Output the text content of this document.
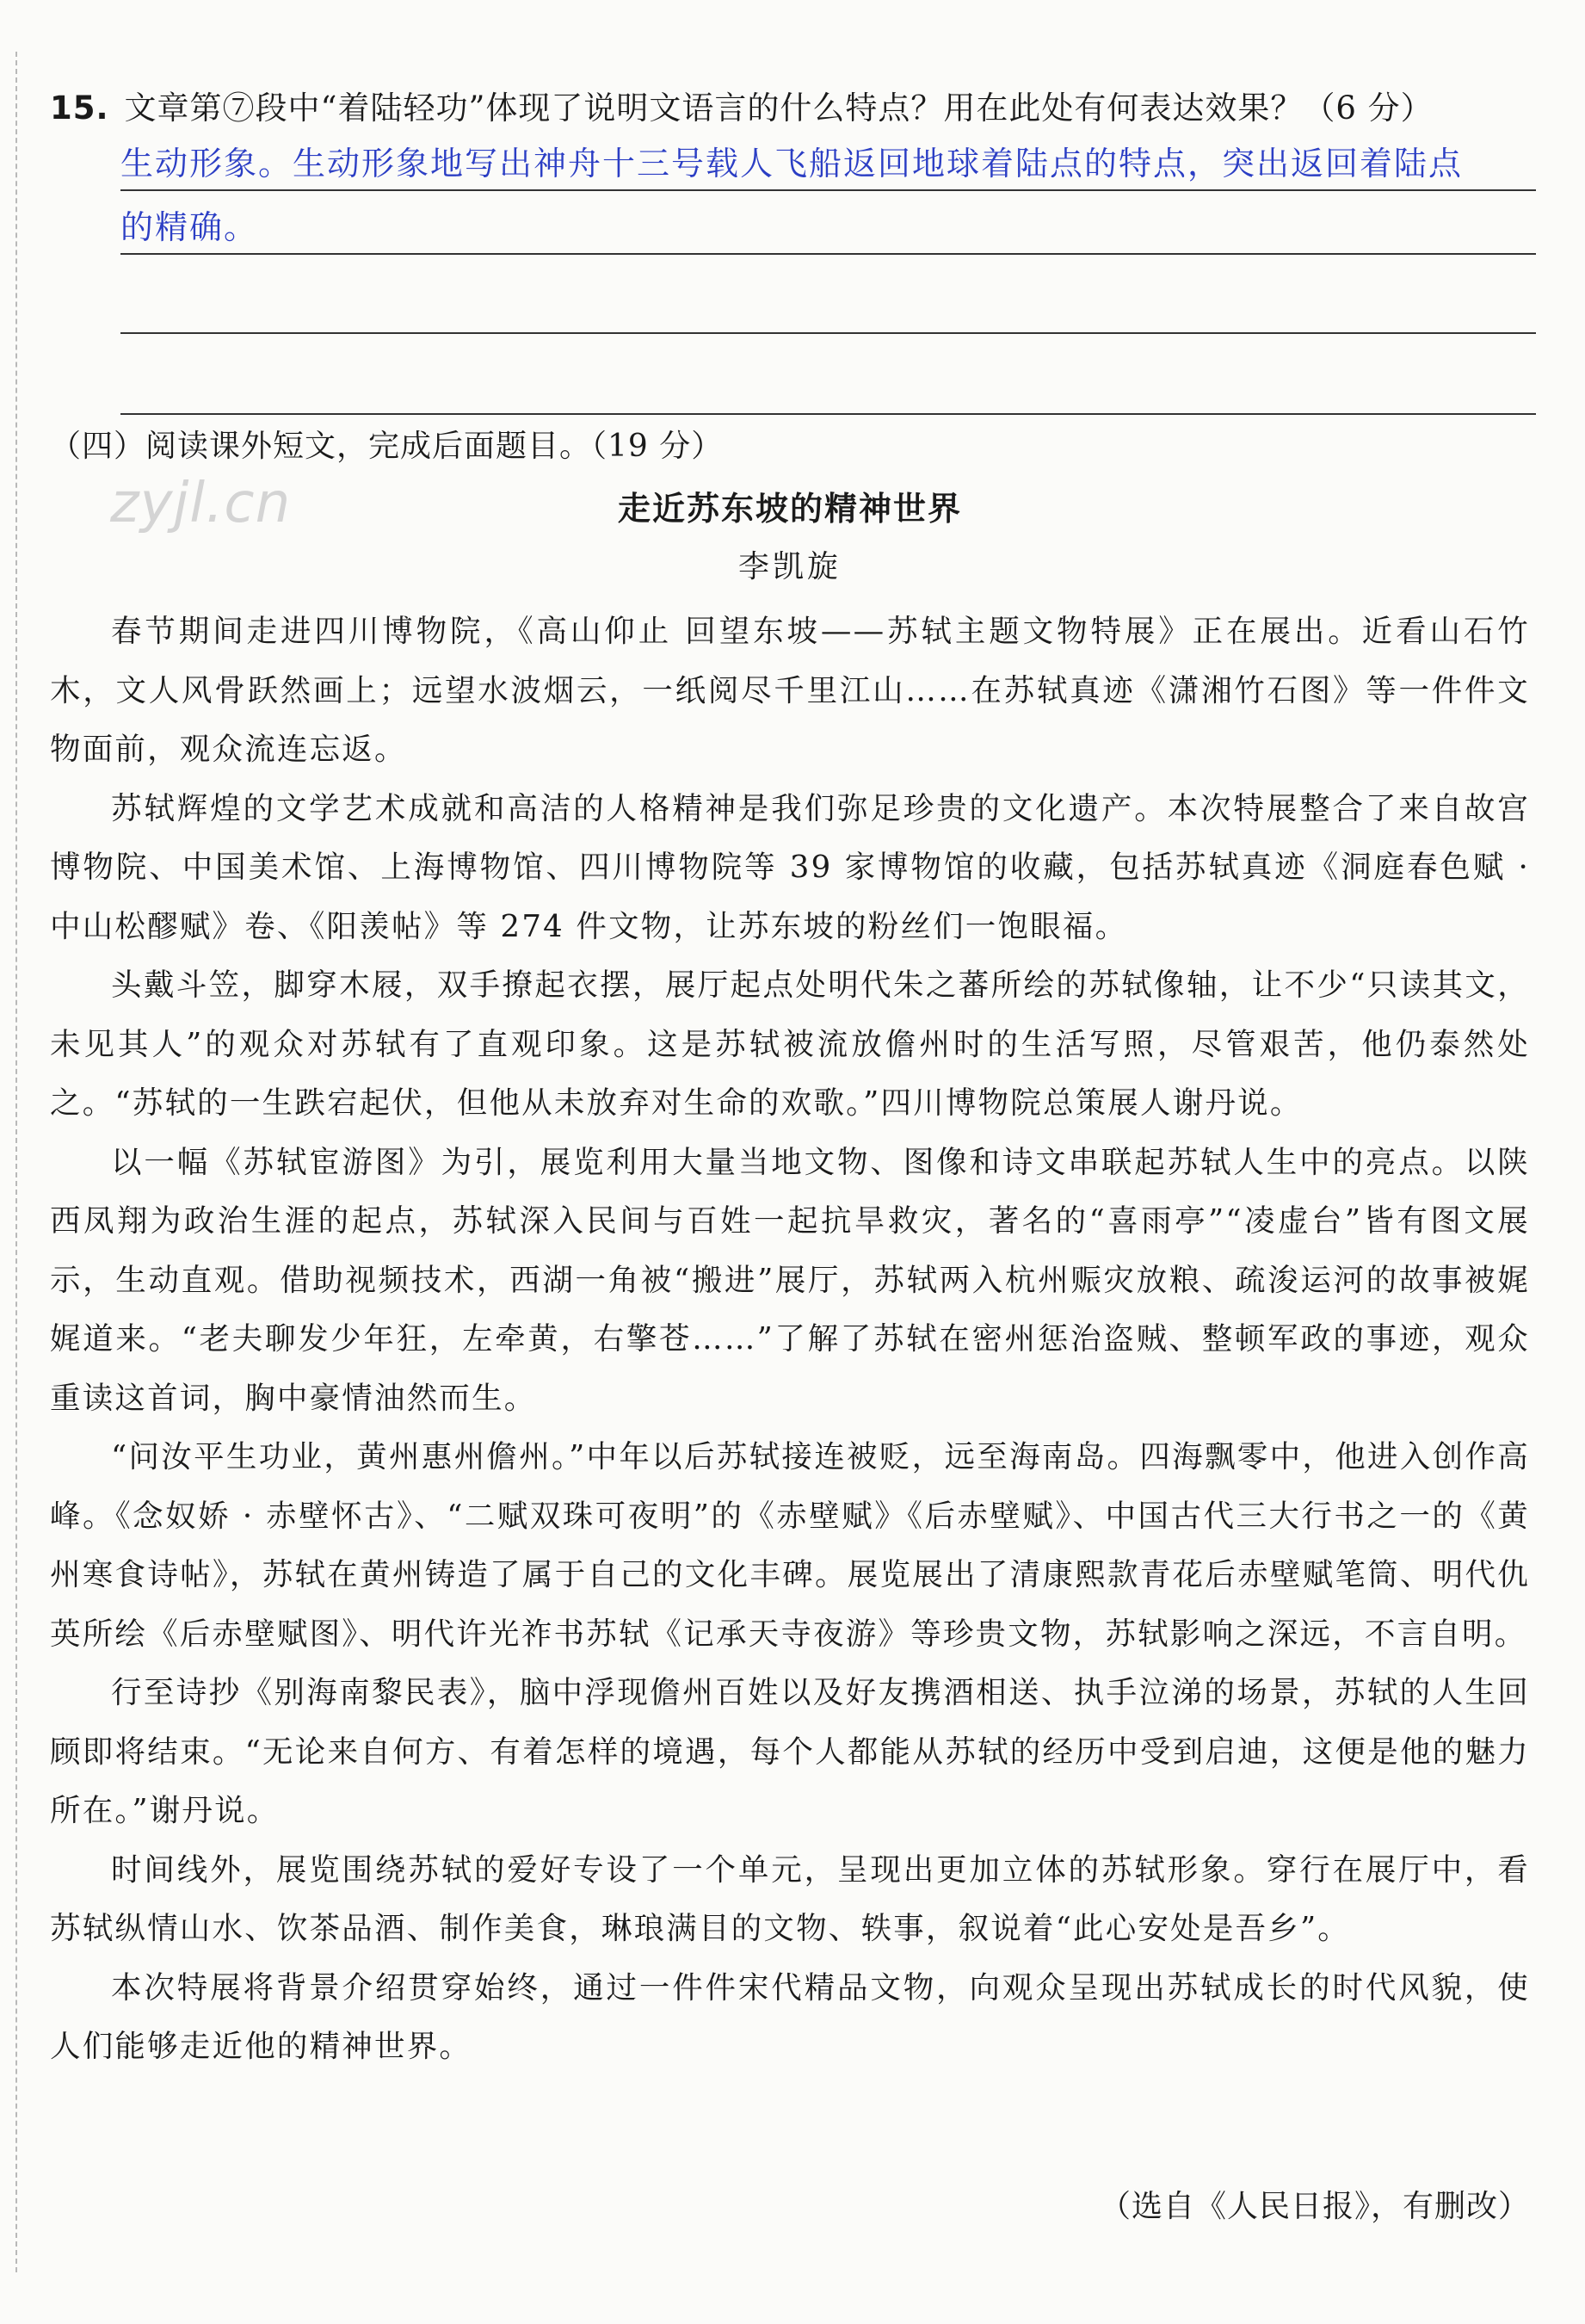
15. 文章第⑦段中“着陆轻功”体现了说明文语言的什么特点？用在此处有何表达效果？（6 分）
生动形象。生动形象地写出神舟十三号载人飞船返回地球着陆点的特点，突出返回着陆点
的精确。
（四）阅读课外短文，完成后面题目。（19 分）
zyjl.cn	走近苏东坡的精神世界
李凯旋

春节期间走进四川博物院，《高山仰止 回望东坡——苏轼主题文物特展》正在展出。近看山石竹木，文人风骨跃然画上；远望水波烟云，一纸阅尽千里江山……在苏轼真迹《潇湘竹石图》等一件件文物面前，观众流连忘返。

苏轼辉煌的文学艺术成就和高洁的人格精神是我们弥足珍贵的文化遗产。本次特展整合了来自故宫博物院、中国美术馆、上海博物馆、四川博物院等 39 家博物馆的收藏，包括苏轼真迹《洞庭春色赋 · 中山松醪赋》卷、《阳羡帖》等 274 件文物，让苏东坡的粉丝们一饱眼福。

头戴斗笠，脚穿木屐，双手撩起衣摆，展厅起点处明代朱之蕃所绘的苏轼像轴，让不少“只读其文，未见其人”的观众对苏轼有了直观印象。这是苏轼被流放儋州时的生活写照，尽管艰苦，他仍泰然处之。“苏轼的一生跌宕起伏，但他从未放弃对生命的欢歌。”四川博物院总策展人谢丹说。

以一幅《苏轼宦游图》为引，展览利用大量当地文物、图像和诗文串联起苏轼人生中的亮点。以陕西凤翔为政治生涯的起点，苏轼深入民间与百姓一起抗旱救灾，著名的“喜雨亭”“凌虚台”皆有图文展示，生动直观。借助视频技术，西湖一角被“搬进”展厅，苏轼两入杭州赈灾放粮、疏浚运河的故事被娓娓道来。“老夫聊发少年狂，左牵黄，右擎苍……”了解了苏轼在密州惩治盗贼、整顿军政的事迹，观众重读这首词，胸中豪情油然而生。

“问汝平生功业，黄州惠州儋州。”中年以后苏轼接连被贬，远至海南岛。四海飘零中，他进入创作高峰。《念奴娇 · 赤壁怀古》、“二赋双珠可夜明”的《赤壁赋》《后赤壁赋》、中国古代三大行书之一的《黄州寒食诗帖》，苏轼在黄州铸造了属于自己的文化丰碑。展览展出了清康熙款青花后赤壁赋笔筒、明代仇英所绘《后赤壁赋图》、明代许光祚书苏轼《记承天寺夜游》等珍贵文物，苏轼影响之深远，不言自明。

行至诗抄《别海南黎民表》，脑中浮现儋州百姓以及好友携酒相送、执手泣涕的场景，苏轼的人生回顾即将结束。“无论来自何方、有着怎样的境遇，每个人都能从苏轼的经历中受到启迪，这便是他的魅力所在。”谢丹说。

时间线外，展览围绕苏轼的爱好专设了一个单元，呈现出更加立体的苏轼形象。穿行在展厅中，看苏轼纵情山水、饮茶品酒、制作美食，琳琅满目的文物、轶事，叙说着“此心安处是吾乡”。

本次特展将背景介绍贯穿始终，通过一件件宋代精品文物，向观众呈现出苏轼成长的时代风貌，使人们能够走近他的精神世界。

（选自《人民日报》，有删改）
